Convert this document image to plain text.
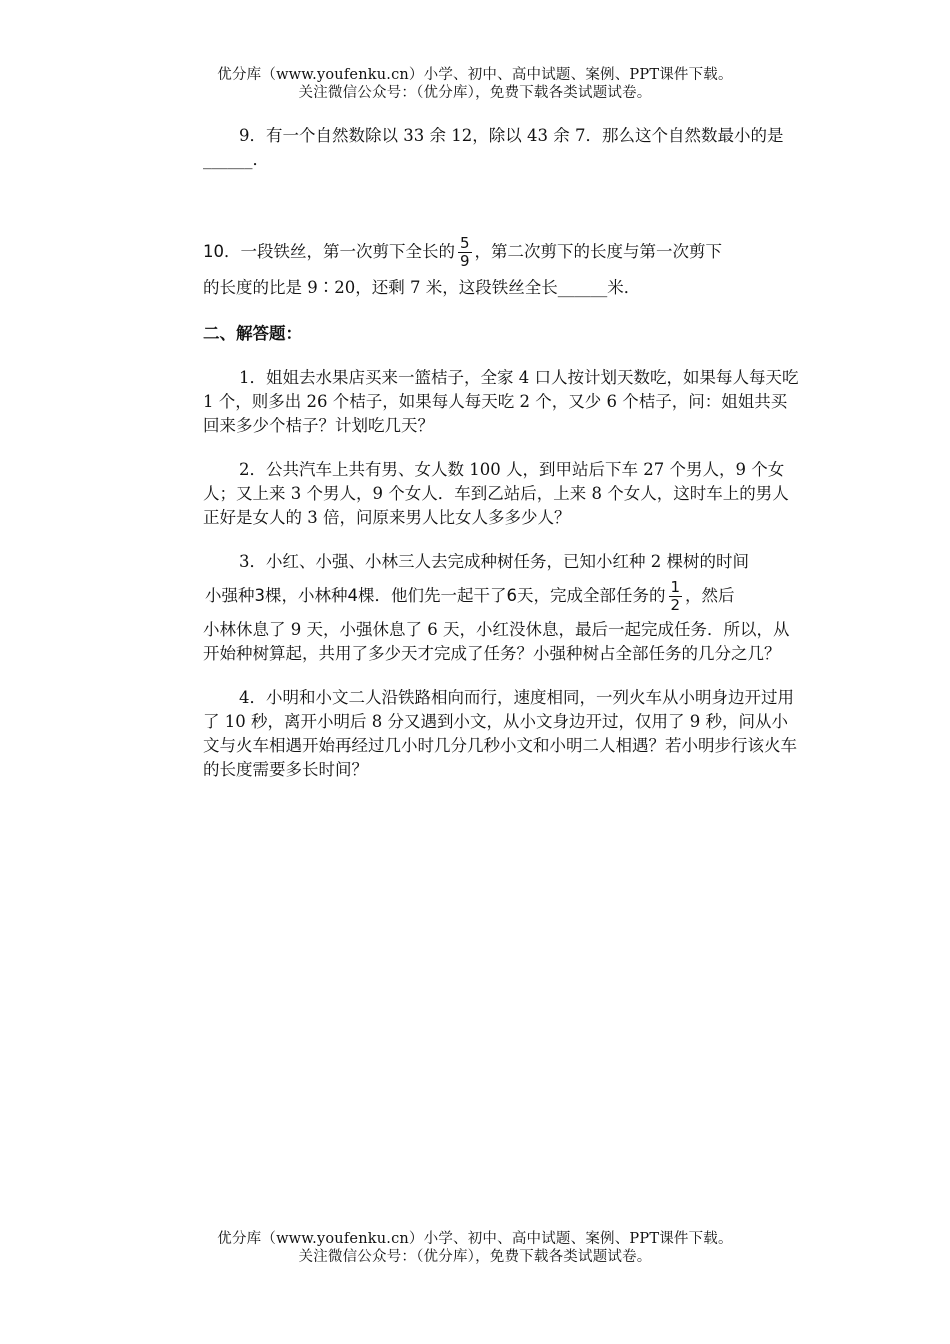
优分库（www.youfenku.cn）小学、初中、高中试题、案例、PPT课件下载。
关注微信公众号：（优分库），免费下载各类试题试卷。

9．有一个自然数除以 33 余 12，除以 43 余 7．那么这个自然数最小的是______．

10．一段铁丝，第一次剪下全长的 $\frac{5}{9}$ ，第二次剪下的长度与第一次剪下

的长度的比是 9∶20，还剩 7 米，这段铁丝全长______米．

二、解答题：

1．姐姐去水果店买来一篮桔子，全家 4 口人按计划天数吃，如果每人每天吃 1 个，则多出 26 个桔子，如果每人每天吃 2 个，又少 6 个桔子，问：姐姐共买回来多少个桔子？计划吃几天？

2．公共汽车上共有男、女人数 100 人，到甲站后下车 27 个男人，9 个女人；又上来 3 个男人，9 个女人．车到乙站后，上来 8 个女人，这时车上的男人正好是女人的 3 倍，问原来男人比女人多多少人？

3．小红、小强、小林三人去完成种树任务，已知小红种 2 棵树的时间

小强种3棵，小林种4棵．他们先一起干了6天，完成全部任务的 $\frac{1}{2}$ ，然后

小林休息了 9 天，小强休息了 6 天，小红没休息，最后一起完成任务．所以，从开始种树算起，共用了多少天才完成了任务？小强种树占全部任务的几分之几？

4．小明和小文二人沿铁路相向而行，速度相同，一列火车从小明身边开过用了 10 秒，离开小明后 8 分又遇到小文，从小文身边开过，仅用了 9 秒，问从小文与火车相遇开始再经过几小时几分几秒小文和小明二人相遇？若小明步行该火车的长度需要多长时间？

优分库（www.youfenku.cn）小学、初中、高中试题、案例、PPT课件下载。
关注微信公众号：（优分库），免费下载各类试题试卷。
